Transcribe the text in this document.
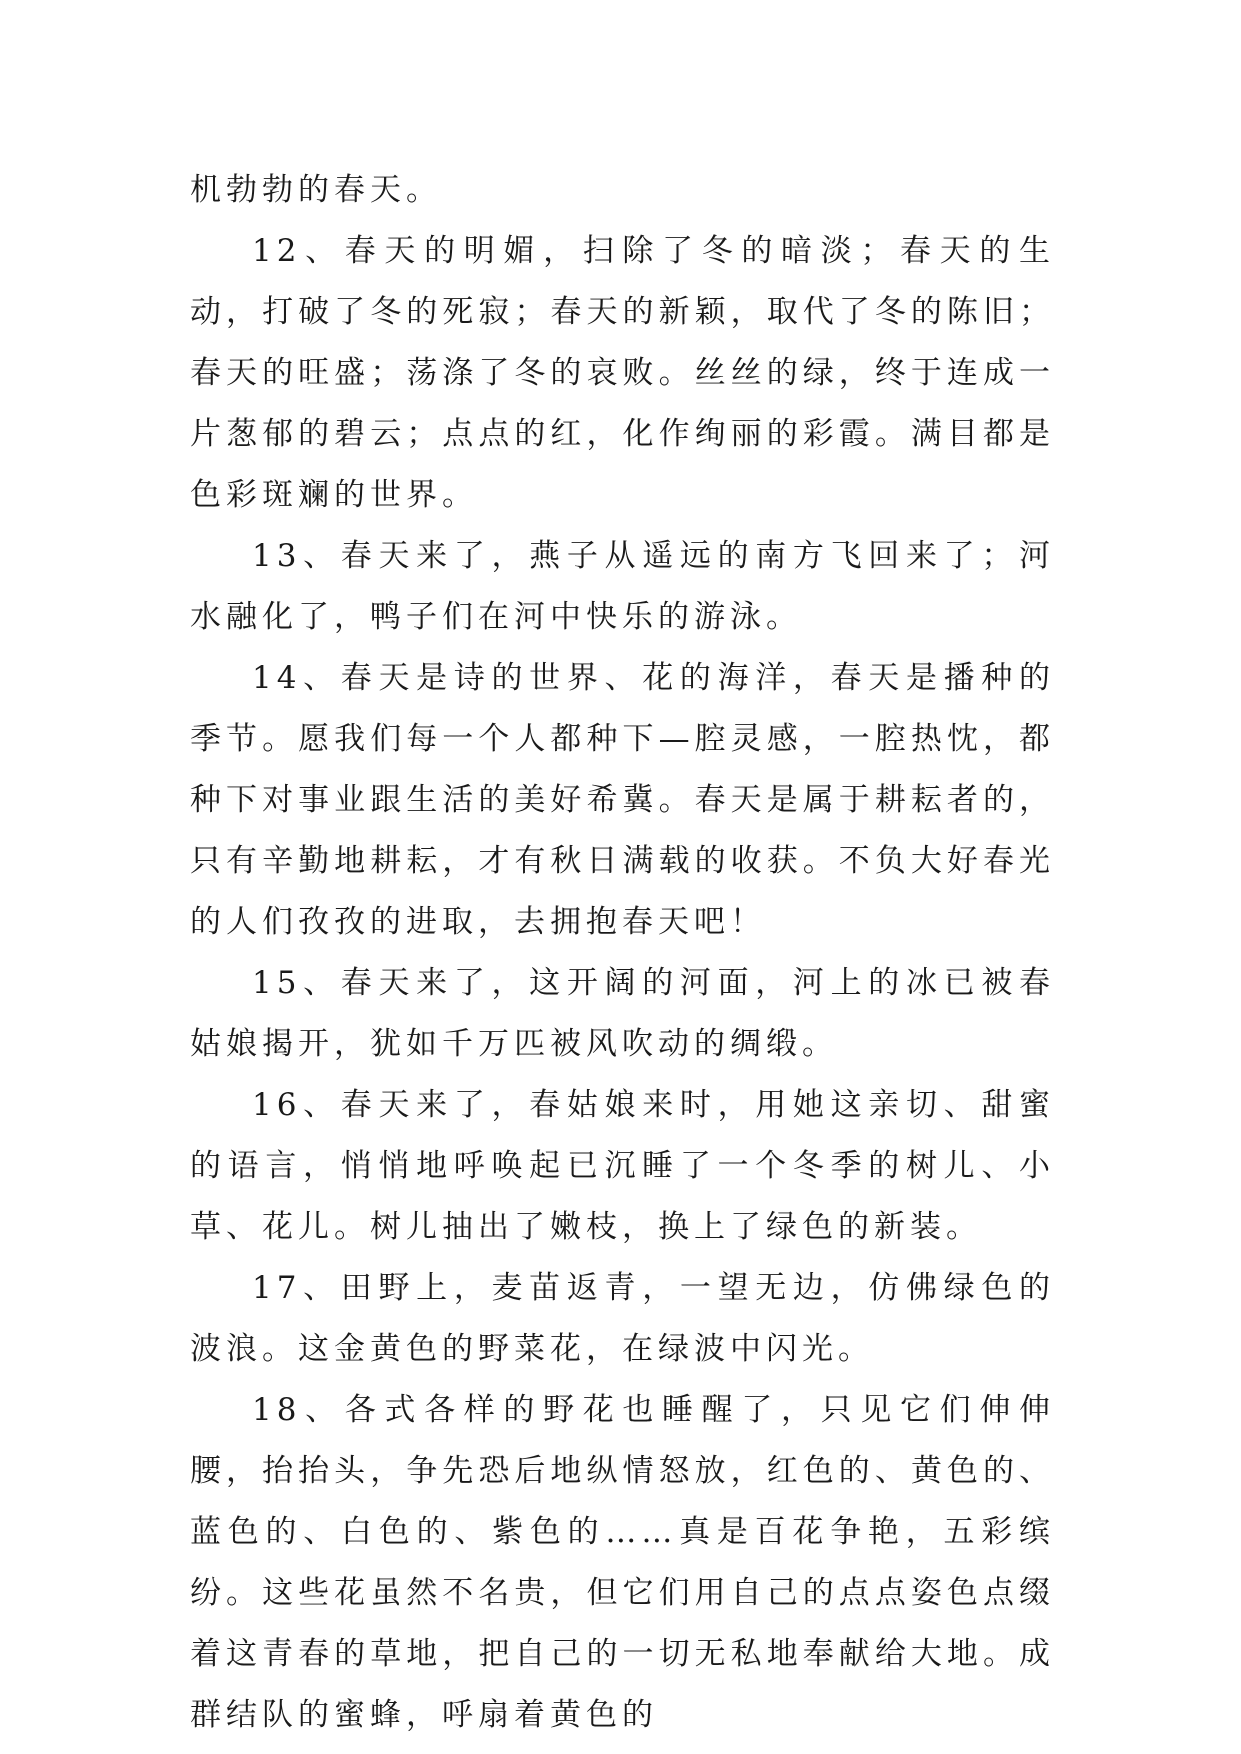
机勃勃的春天。

12、春天的明媚，扫除了冬的暗淡；春天的生动，打破了冬的死寂；春天的新颖，取代了冬的陈旧；春天的旺盛；荡涤了冬的哀败。丝丝的绿，终于连成一片葱郁的碧云；点点的红，化作绚丽的彩霞。满目都是色彩斑斓的世界。

13、春天来了，燕子从遥远的南方飞回来了；河水融化了，鸭子们在河中快乐的游泳。

14、春天是诗的世界、花的海洋，春天是播种的季节。愿我们每一个人都种下—腔灵感，一腔热忱，都种下对事业跟生活的美好希冀。春天是属于耕耘者的，只有辛勤地耕耘，才有秋日满载的收获。不负大好春光的人们孜孜的进取，去拥抱春天吧！

15、春天来了，这开阔的河面，河上的冰已被春姑娘揭开，犹如千万匹被风吹动的绸缎。

16、春天来了，春姑娘来时，用她这亲切、甜蜜的语言，悄悄地呼唤起已沉睡了一个冬季的树儿、小草、花儿。树儿抽出了嫩枝，换上了绿色的新装。

17、田野上，麦苗返青，一望无边，仿佛绿色的波浪。这金黄色的野菜花，在绿波中闪光。

18、各式各样的野花也睡醒了，只见它们伸伸腰，抬抬头，争先恐后地纵情怒放，红色的、黄色的、蓝色的、白色的、紫色的……真是百花争艳，五彩缤纷。这些花虽然不名贵，但它们用自己的点点姿色点缀着这青春的草地，把自己的一切无私地奉献给大地。成群结队的蜜蜂，呼扇着黄色的
